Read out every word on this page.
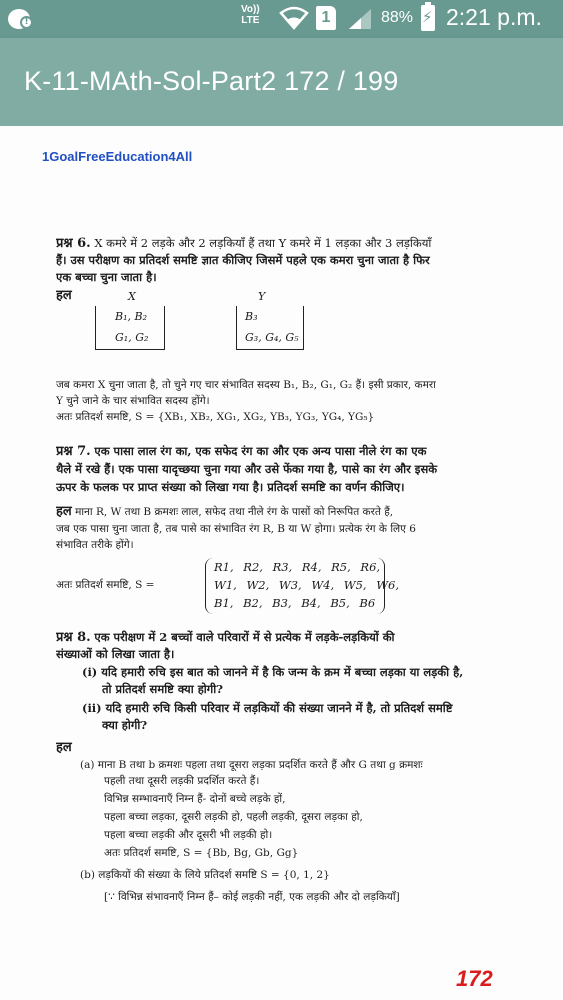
!
Vo))
LTE	1	88% ⚡ 2:21 p.m.
K-11-MAth-Sol-Part2 172 / 199
1GoalFreeEducation4All
प्रश्न 6. X कमरे में 2 लड़के और 2 लड़कियाँ हैं तथा Y कमरे में 1 लड़का और 3 लड़कियाँ
हैं। उस परीक्षण का प्रतिदर्श समष्टि ज्ञात कीजिए जिसमें पहले एक कमरा चुना जाता है फिर
एक बच्चा चुना जाता है।
हल	X	Y
B₁, B₂
G₁, G₂
B₃
G₃, G₄, G₅
जब कमरा X चुना जाता है, तो चुने गए चार संभावित सदस्य B₁, B₂, G₁, G₂ हैं। इसी प्रकार, कमरा
Y चुने जाने के चार संभावित सदस्य होंगे।
अतः प्रतिदर्श समष्टि, S = {XB₁, XB₂, XG₁, XG₂, YB₃, YG₃, YG₄, YG₅}
प्रश्न 7. एक पासा लाल रंग का, एक सफेद रंग का और एक अन्य पासा नीले रंग का एक
थैले में रखे हैं। एक पासा यादृच्छया चुना गया और उसे फेंका गया है, पासे का रंग और इसके
ऊपर के फलक पर प्राप्त संख्या को लिखा गया है। प्रतिदर्श समष्टि का वर्णन कीजिए।
हल माना R, W तथा B क्रमशः लाल, सफेद तथा नीले रंग के पासों को निरूपित करते हैं,
जब एक पासा चुना जाता है, तब पासे का संभावित रंग R, B या W होगा। प्रत्येक रंग के लिए 6
संभावित तरीके होंगे।
अतः प्रतिदर्श समष्टि, S =
R1, R2, R3, R4, R5, R6,
W1, W2, W3, W4, W5, W6,
B1, B2, B3, B4, B5, B6
प्रश्न 8. एक परीक्षण में 2 बच्चों वाले परिवारों में से प्रत्येक में लड़के-लड़कियों की
संख्याओं को लिखा जाता है।
(i) यदि हमारी रुचि इस बात को जानने में है कि जन्म के क्रम में बच्चा लड़का या लड़की है,
तो प्रतिदर्श समष्टि क्या होगी?
(ii) यदि हमारी रुचि किसी परिवार में लड़कियों की संख्या जानने में है, तो प्रतिदर्श समष्टि
क्या होगी?
हल
(a) माना B तथा b क्रमशः पहला तथा दूसरा लड़का प्रदर्शित करते हैं और G तथा g क्रमशः
पहली तथा दूसरी लड़की प्रदर्शित करते हैं।
विभिन्न सम्भावनाएँ निम्न हैं- दोनों बच्चे लड़के हों,
पहला बच्चा लड़का, दूसरी लड़की हो, पहली लड़की, दूसरा लड़का हो,
पहला बच्चा लड़की और दूसरी भी लड़की हो।
अतः प्रतिदर्श समष्टि, S = {Bb, Bg, Gb, Gg}
(b) लड़कियों की संख्या के लिये प्रतिदर्श समष्टि S = {0, 1, 2}
[∵ विभिन्न संभावनाएँ निम्न हैं– कोई लड़की नहीं, एक लड़की और दो लड़कियाँ]
172
